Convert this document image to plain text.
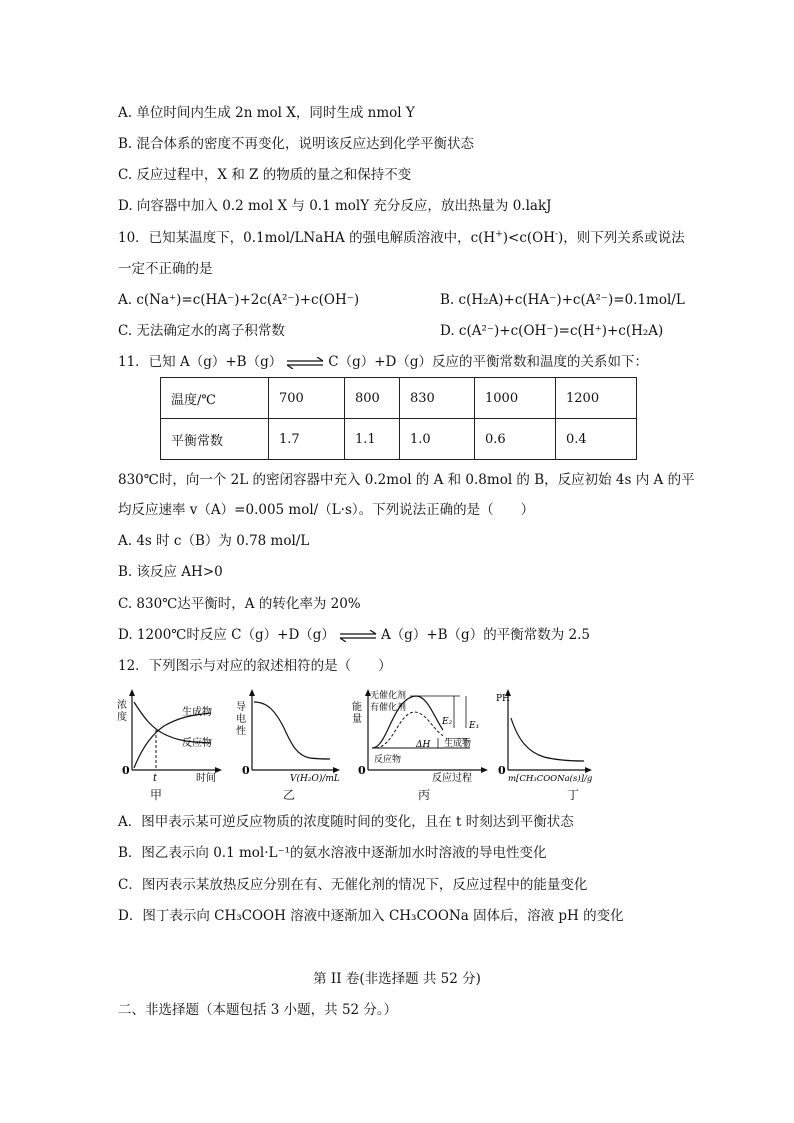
A. 单位时间内生成 2n mol X，同时生成 nmol Y
B. 混合体系的密度不再变化，说明该反应达到化学平衡状态
C. 反应过程中，X 和 Z 的物质的量之和保持不变
D. 向容器中加入 0.2 mol X 与 0.1 molY 充分反应，放出热量为 0.lakJ
10．已知某温度下，0.1mol/LNaHA 的强电解质溶液中，c(H+)<c(OH-)，则下列关系或说法
一定不正确的是
A. c(Na⁺)=c(HA⁻)+2c(A²⁻)+c(OH⁻)	B. c(H₂A)+c(HA⁻)+c(A²⁻)=0.1mol/L
C. 无法确定水的离子积常数	D. c(A²⁻)+c(OH⁻)=c(H⁺)+c(H₂A)
11．已知 A（g）+B（g） ⇌ C（g）+D（g）反应的平衡常数和温度的关系如下：
温度/℃	700	800	830	1000	1200
平衡常数	1.7	1.1	1.0	0.6	0.4
830℃时，向一个 2L 的密闭容器中充入 0.2mol 的 A 和 0.8mol 的 B，反应初始 4s 内 A 的平
均反应速率 v（A）=0.005 mol/（L·s）。下列说法正确的是（　　）
A. 4s 时 c（B）为 0.78 mol/L
B. 该反应 AH>0
C. 830℃达平衡时，A 的转化率为 20%
D. 1200℃时反应 C（g）+D（g） ⇌ A（g）+B（g）的平衡常数为 2.5
12．下列图示与对应的叙述相符的是（　　）
浓
度	生成物
反应物
0
t	时间
甲
导
电
性
0
V(H₂O)/mL
乙
能
量
无催化剂
有催化剂
E₂ E₁
ΔH 生成物
反应物
0
反应过程
丙
PH
0
m[CH₃COONa(s)]/g
丁
A．图甲表示某可逆反应物质的浓度随时间的变化，且在 t 时刻达到平衡状态
B．图乙表示向 0.1 mol·L⁻¹的氨水溶液中逐渐加水时溶液的导电性变化
C．图丙表示某放热反应分别在有、无催化剂的情况下，反应过程中的能量变化
D．图丁表示向 CH₃COOH 溶液中逐渐加入 CH₃COONa 固体后，溶液 pH 的变化
第 II 卷(非选择题 共 52 分)
二、非选择题（本题包括 3 小题，共 52 分。）
